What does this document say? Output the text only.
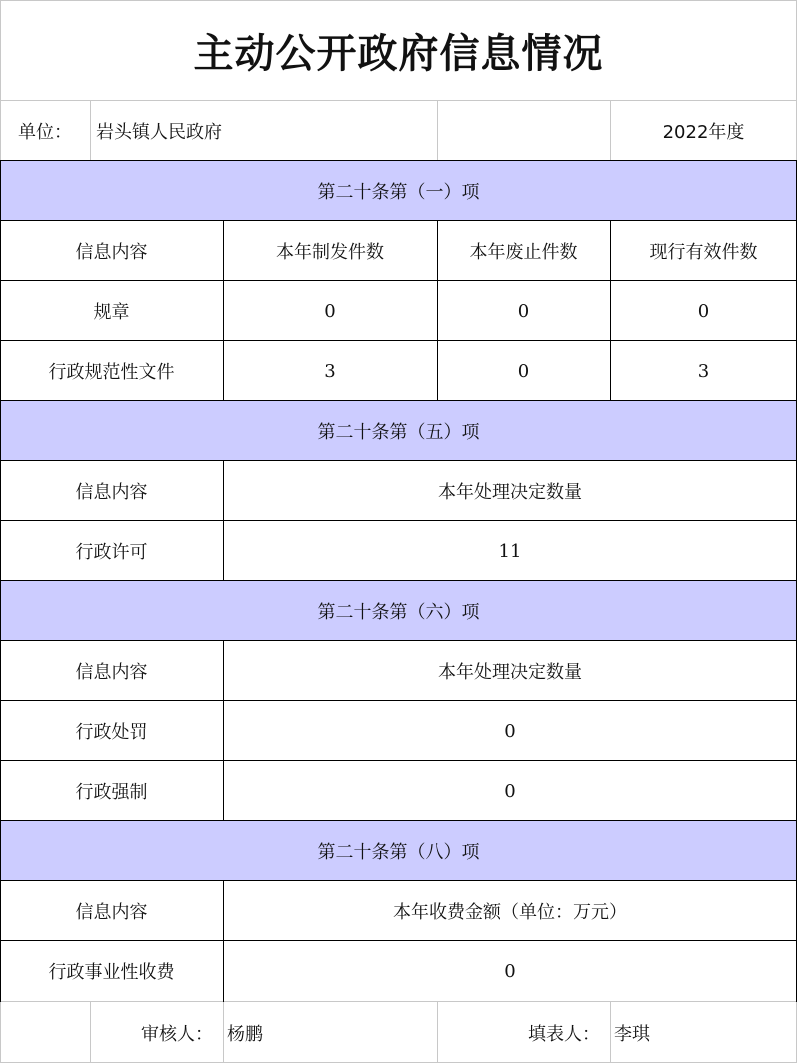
主动公开政府信息情况
单位：	岩头镇人民政府	2022年度
第二十条第（一）项
信息内容	本年制发件数	本年废止件数	现行有效件数
规章	0	0	0
行政规范性文件	3	0	3
第二十条第（五）项
信息内容	本年处理决定数量
行政许可	11
第二十条第（六）项
信息内容	本年处理决定数量
行政处罚	0
行政强制	0
第二十条第（八）项
信息内容	本年收费金额（单位：万元）
行政事业性收费	0
审核人： 杨鹏	填表人： 李琪
